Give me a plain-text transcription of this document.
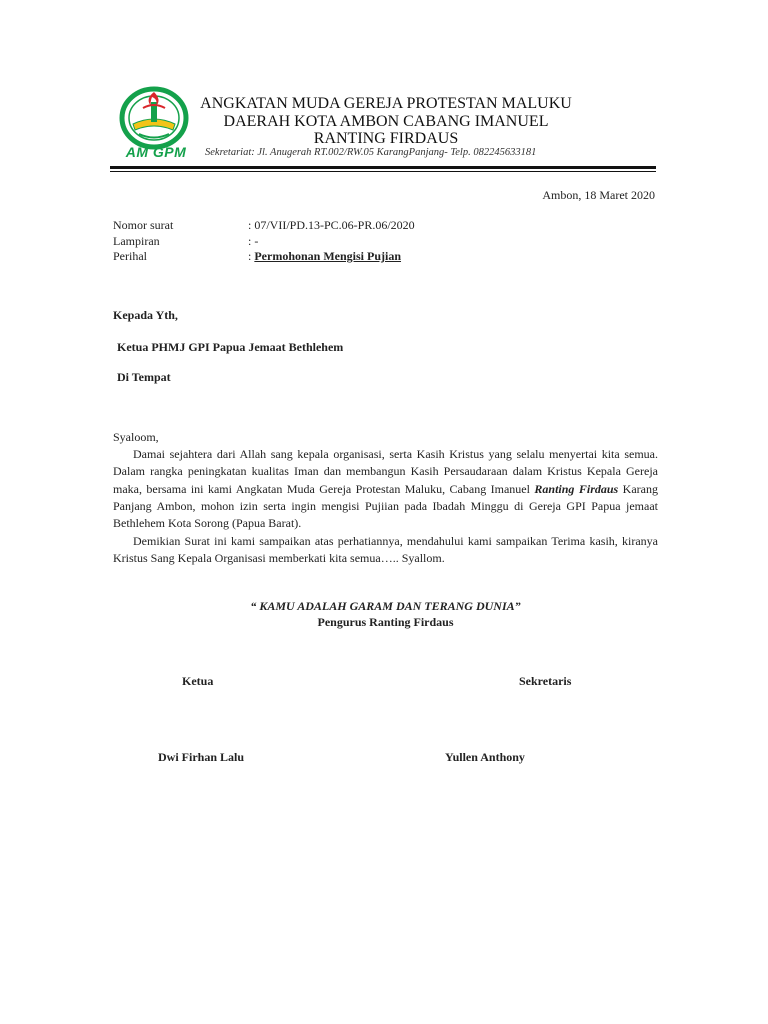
AM GPM
ANGKATAN MUDA GEREJA PROTESTAN MALUKU
DAERAH KOTA AMBON CABANG IMANUEL
RANTING FIRDAUS
Sekretariat: Jl. Anugerah RT.002/RW.05 KarangPanjang- Telp. 082245633181
Ambon, 18 Maret 2020
Nomor surat	: 07/VII/PD.13-PC.06-PR.06/2020
Lampiran	: -
Perihal	: Permohonan Mengisi Pujian
Kepada Yth,
Ketua PHMJ GPI Papua Jemaat Bethlehem
Di Tempat
Syaloom,
Damai sejahtera dari Allah sang kepala organisasi, serta Kasih Kristus yang selalu menyertai kita semua. Dalam rangka peningkatan kualitas Iman dan membangun Kasih Persaudaraan dalam Kristus Kepala Gereja maka, bersama ini kami Angkatan Muda Gereja Protestan Maluku, Cabang Imanuel Ranting Firdaus Karang Panjang Ambon, mohon izin serta ingin mengisi Pujiian pada Ibadah Minggu di Gereja GPI Papua jemaat Bethlehem Kota Sorong (Papua Barat).
Demikian Surat ini kami sampaikan atas perhatiannya, mendahului kami sampaikan Terima kasih, kiranya Kristus Sang Kepala Organisasi memberkati kita semua….. Syallom.
“ KAMU ADALAH GARAM DAN TERANG DUNIA”
Pengurus Ranting Firdaus
Ketua	Sekretaris
Dwi Firhan Lalu	Yullen Anthony
